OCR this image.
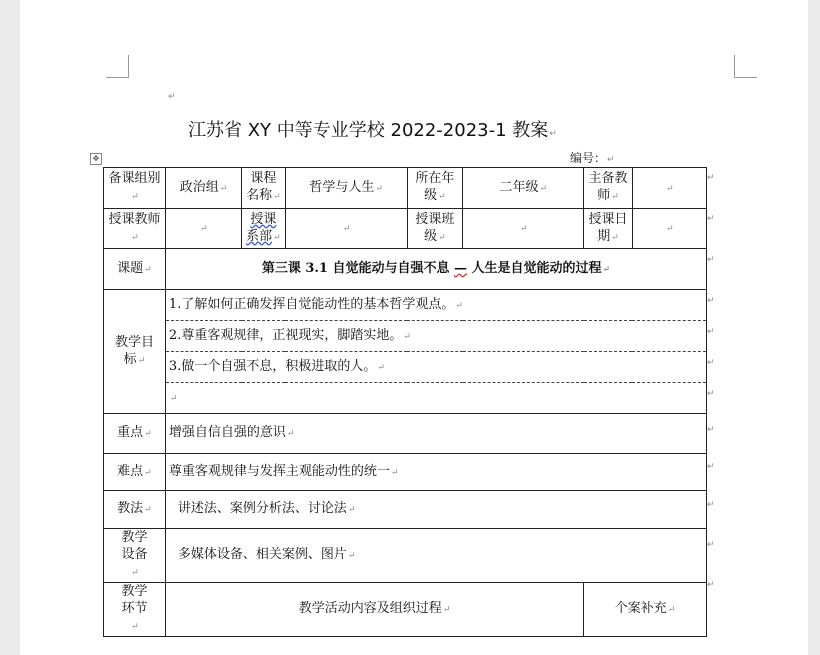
↵
江苏省 XY 中等专业学校 2022-2023-1 教案↵
编号：↵
✥
备课组别↵	政治组↵	课程名称↵	哲学与人生↵	所在年级↵	二年级↵	主备教师↵	↵
授课教师↵	↵	授课系部↵	↵	授课班级↵	↵	授课日期↵	↵
课题↵	第三课 3.1 自觉能动与自强不息 — 人生是自觉能动的过程↵						
教学目标↵	1.了解如何正确发挥自觉能动性的基本哲学观点。↵						
	2.尊重客观规律，正视现实，脚踏实地。↵						
	3.做一个自强不息，积极进取的人。↵						
	↵						
重点↵	增强自信自强的意识↵						
难点↵	尊重客观规律与发挥主观能动性的统一↵						
教法↵	讲述法、案例分析法、讨论法↵						
教学设备↵	多媒体设备、相关案例、图片↵						
教学环节↵	教学活动内容及组织过程↵					个案补充↵	
↵
↵
↵
↵
↵
↵
↵
↵
↵
↵
↵
↵
